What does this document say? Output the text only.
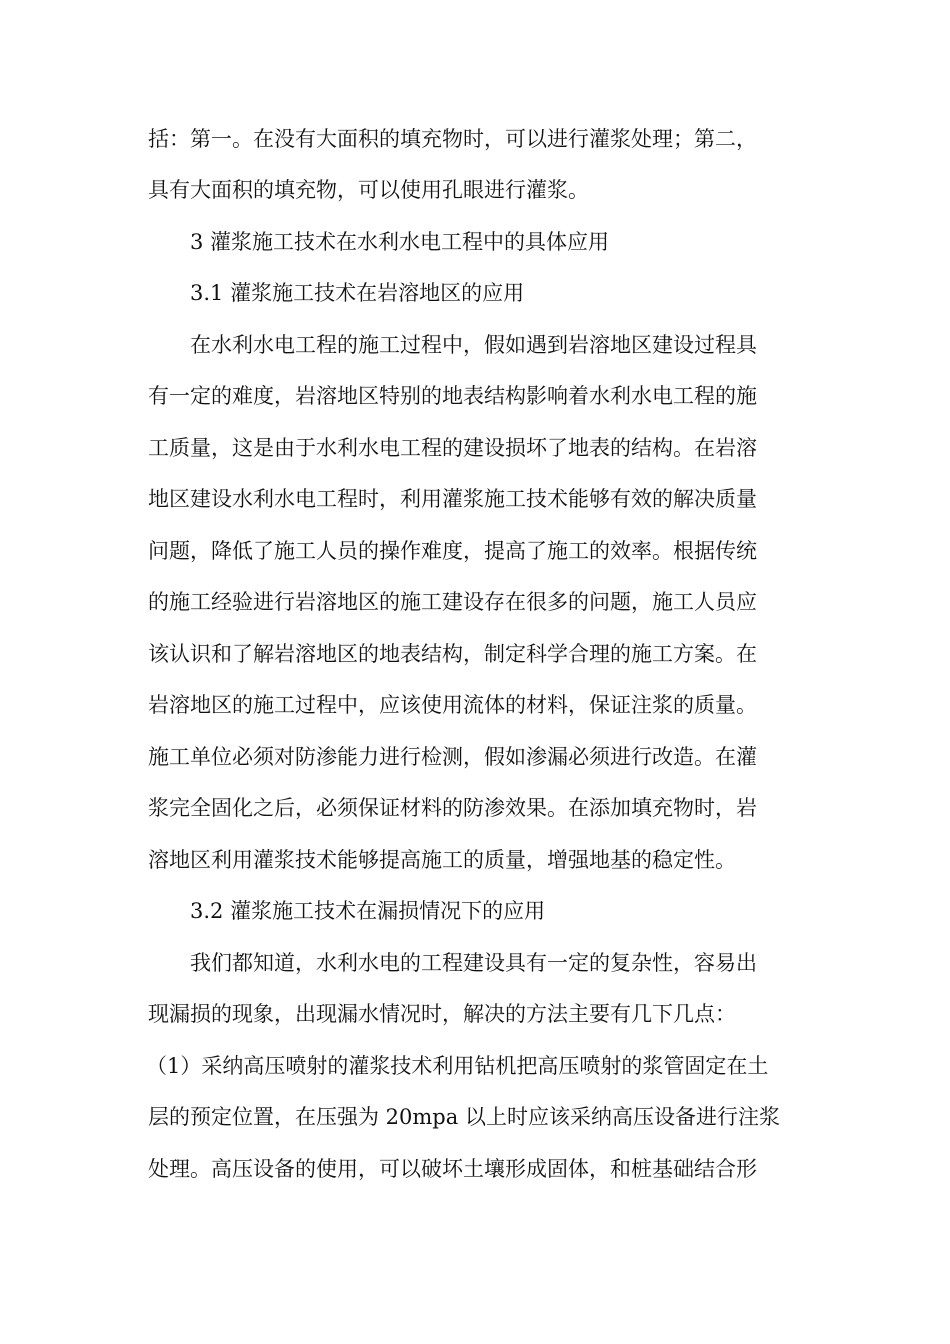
括：第一。在没有大面积的填充物时，可以进行灌浆处理；第二，
具有大面积的填充物，可以使用孔眼进行灌浆。
3 灌浆施工技术在水利水电工程中的具体应用
3.1 灌浆施工技术在岩溶地区的应用
在水利水电工程的施工过程中，假如遇到岩溶地区建设过程具
有一定的难度，岩溶地区特别的地表结构影响着水利水电工程的施
工质量，这是由于水利水电工程的建设损坏了地表的结构。在岩溶
地区建设水利水电工程时，利用灌浆施工技术能够有效的解决质量
问题，降低了施工人员的操作难度，提高了施工的效率。根据传统
的施工经验进行岩溶地区的施工建设存在很多的问题，施工人员应
该认识和了解岩溶地区的地表结构，制定科学合理的施工方案。在
岩溶地区的施工过程中，应该使用流体的材料，保证注浆的质量。
施工单位必须对防渗能力进行检测，假如渗漏必须进行改造。在灌
浆完全固化之后，必须保证材料的防渗效果。在添加填充物时，岩
溶地区利用灌浆技术能够提高施工的质量，增强地基的稳定性。
3.2 灌浆施工技术在漏损情况下的应用
我们都知道，水利水电的工程建设具有一定的复杂性，容易出
现漏损的现象，出现漏水情况时，解决的方法主要有几下几点：
（1）采纳高压喷射的灌浆技术利用钻机把高压喷射的浆管固定在土
层的预定位置，在压强为 20mpa 以上时应该采纳高压设备进行注浆
处理。高压设备的使用，可以破坏土壤形成固体，和桩基础结合形
